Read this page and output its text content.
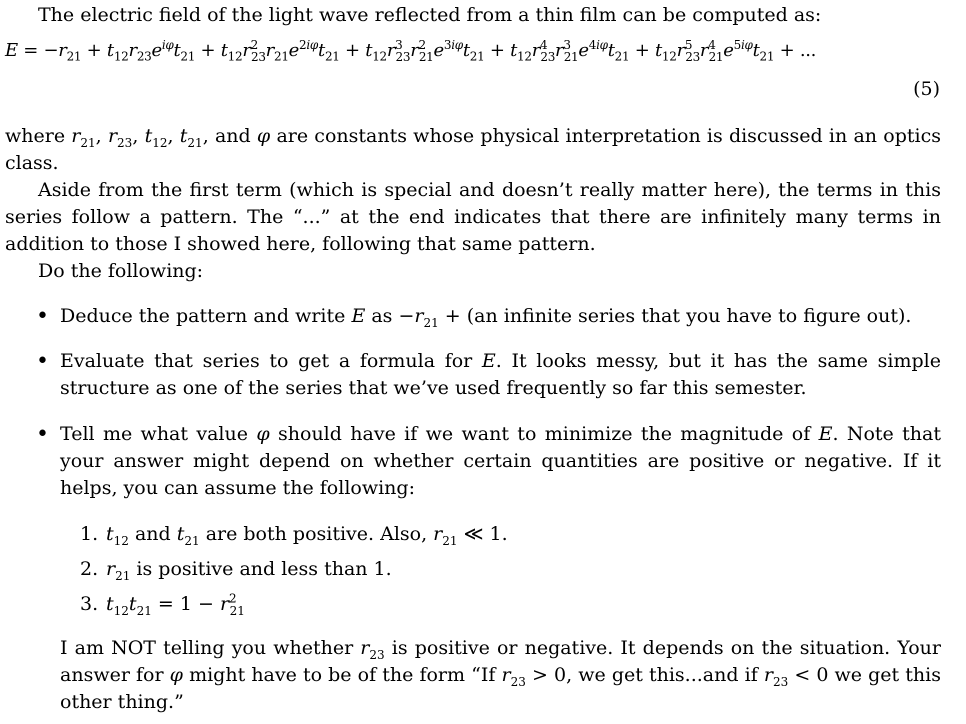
The electric field of the light wave reflected from a thin film can be computed as:
$E = -r_{21} + t_{12}r_{23}e^{i\varphi}t_{21} + t_{12}r^2_{23}r_{21}e^{2i\varphi}t_{21} + t_{12}r^3_{23}r^2_{21}e^{3i\varphi}t_{21} + t_{12}r^4_{23}r^3_{21}e^{4i\varphi}t_{21} + t_{12}r^5_{23}r^4_{21}e^{5i\varphi}t_{21}$ + ...
(5)
where $r_{21}$, $r_{23}$, $t_{12}$, $t_{21}$, and φ are constants whose physical interpretation is discussed in an optics class.
Aside from the first term (which is special and doesn’t really matter here), the terms in this series follow a pattern. The “...” at the end indicates that there are infinitely many terms in addition to those I showed here, following that same pattern.
Do the following:
• Deduce the pattern and write E as $-r_{21} + (an$ infinite series that you have to figure out).
• Evaluate that series to get a formula for E. It looks messy, but it has the same simple structure as one of the series that we’ve used frequently so far this semester.
• Tell me what value φ should have if we want to minimize the magnitude of E. Note that your answer might depend on whether certain quantities are positive or negative. If it helps, you can assume the following:
1. $t_{12}$ and $t_{21}$ are both positive. Also, $r_{21}$ ≪ 1.
2. $r_{21}$ is positive and less than 1.
3. $t_{12}t_{21} = 1 - r^2_{21}$
I am NOT telling you whether $r_{23}$ is positive or negative. It depends on the situation. Your answer for φ might have to be of the form “If $r_{23} > 0$, we get this...and if $r_{23} < 0$ we get this other thing.”
